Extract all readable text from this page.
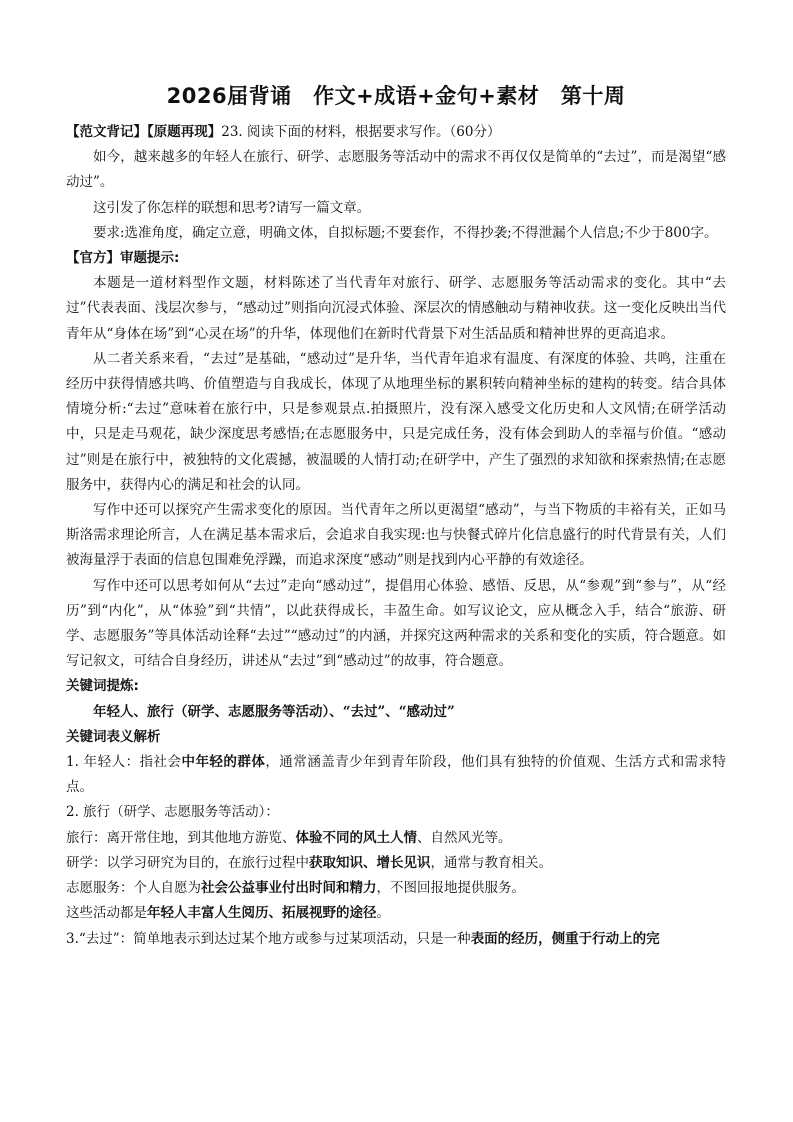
2026届背诵　作文+成语+金句+素材　第十周

【范文背记】【原题再现】23. 阅读下面的材料，根据要求写作。（60分）

如今，越来越多的年轻人在旅行、研学、志愿服务等活动中的需求不再仅仅是简单的“去过”，而是渴望“感动过”。

这引发了你怎样的联想和思考?请写一篇文章。

要求:选准角度，确定立意，明确文体，自拟标题;不要套作，不得抄袭;不得泄漏个人信息;不少于800字。

【官方】审题提示:

本题是一道材料型作文题，材料陈述了当代青年对旅行、研学、志愿服务等活动需求的变化。其中“去过”代表表面、浅层次参与，“感动过”则指向沉浸式体验、深层次的情感触动与精神收获。这一变化反映出当代青年从“身体在场”到“心灵在场”的升华，体现他们在新时代背景下对生活品质和精神世界的更高追求。

从二者关系来看，“去过”是基础，“感动过”是升华，当代青年追求有温度、有深度的体验、共鸣，注重在经历中获得情感共鸣、价值塑造与自我成长，体现了从地理坐标的累积转向精神坐标的建构的转变。结合具体情境分析:“去过”意味着在旅行中，只是参观景点.拍摄照片，没有深入感受文化历史和人文风情;在研学活动中，只是走马观花，缺少深度思考感悟;在志愿服务中，只是完成任务，没有体会到助人的幸福与价值。“感动过”则是在旅行中，被独特的文化震撼，被温暖的人情打动;在研学中，产生了强烈的求知欲和探索热情;在志愿服务中，获得内心的满足和社会的认同。

写作中还可以探究产生需求变化的原因。当代青年之所以更渴望“感动”，与当下物质的丰裕有关，正如马斯洛需求理论所言，人在满足基本需求后，会追求自我实现:也与快餐式碎片化信息盛行的时代背景有关，人们被海量浮于表面的信息包围难免浮躁，而追求深度“感动”则是找到内心平静的有效途径。

写作中还可以思考如何从“去过”走向“感动过”，提倡用心体验、感悟、反思，从“参观”到“参与”，从“经历”到“内化”，从“体验”到“共情”，以此获得成长，丰盈生命。如写议论文，应从概念入手，结合“旅游、研学、志愿服务”等具体活动诠释“去过”“感动过”的内涵，并探究这两种需求的关系和变化的实质，符合题意。如写记叙文，可结合自身经历，讲述从“去过”到“感动过”的故事，符合题意。

关键词提炼:

年轻人、旅行（研学、志愿服务等活动）、“去过”、“感动过”

关键词表义解析

1. 年轻人：指社会中年轻的群体，通常涵盖青少年到青年阶段，他们具有独特的价值观、生活方式和需求特点。

2. 旅行（研学、志愿服务等活动）：

旅行：离开常住地，到其他地方游览、体验不同的风土人情、自然风光等。

研学：以学习研究为目的，在旅行过程中获取知识、增长见识，通常与教育相关。

志愿服务：个人自愿为社会公益事业付出时间和精力，不图回报地提供服务。

这些活动都是年轻人丰富人生阅历、拓展视野的途径。

3.“去过”：简单地表示到达过某个地方或参与过某项活动，只是一种表面的经历，侧重于行动上的完
